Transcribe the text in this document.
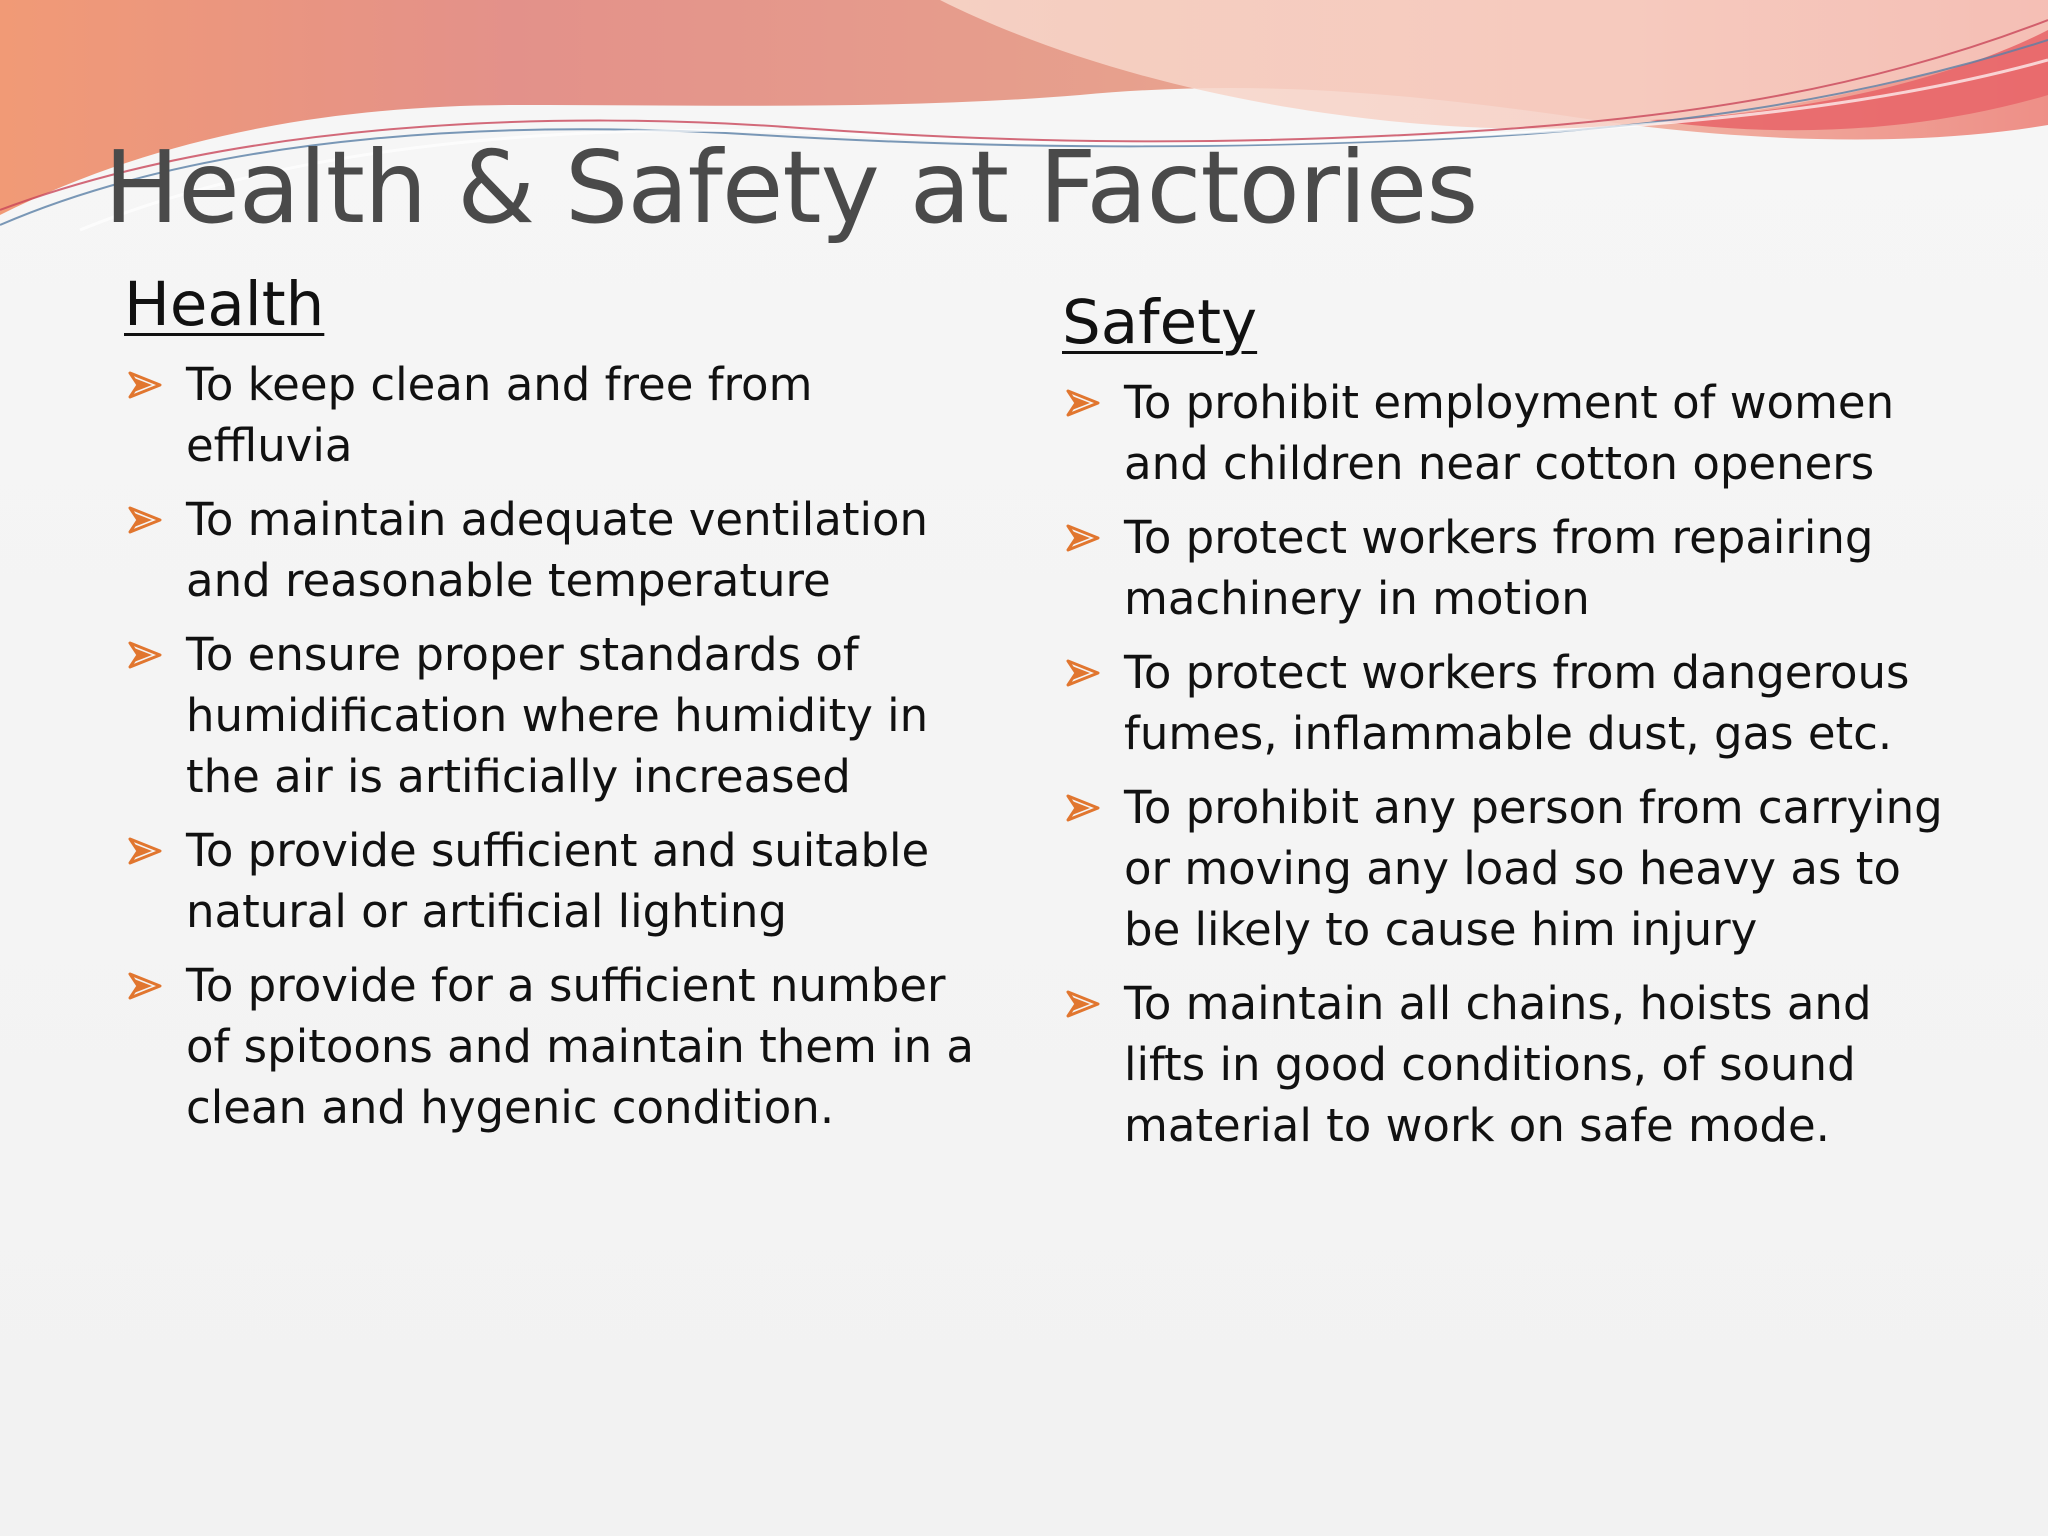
Health & Safety at Factories
Health
To keep clean and free from effluvia
To maintain adequate ventilation and reasonable temperature
To ensure proper standards of humidification where humidity in the air is artificially increased
To provide sufficient and suitable natural or artificial lighting
To provide for a sufficient number of spitoons and maintain them in a clean and hygenic condition.
Safety
To prohibit employment of women and children near cotton openers
To protect workers from repairing machinery in motion
To protect workers from dangerous fumes, inflammable dust, gas etc.
To prohibit any person from carrying or moving any load so heavy as to be likely to cause him injury
To maintain all chains, hoists and lifts in good conditions, of sound material to work on safe mode.
